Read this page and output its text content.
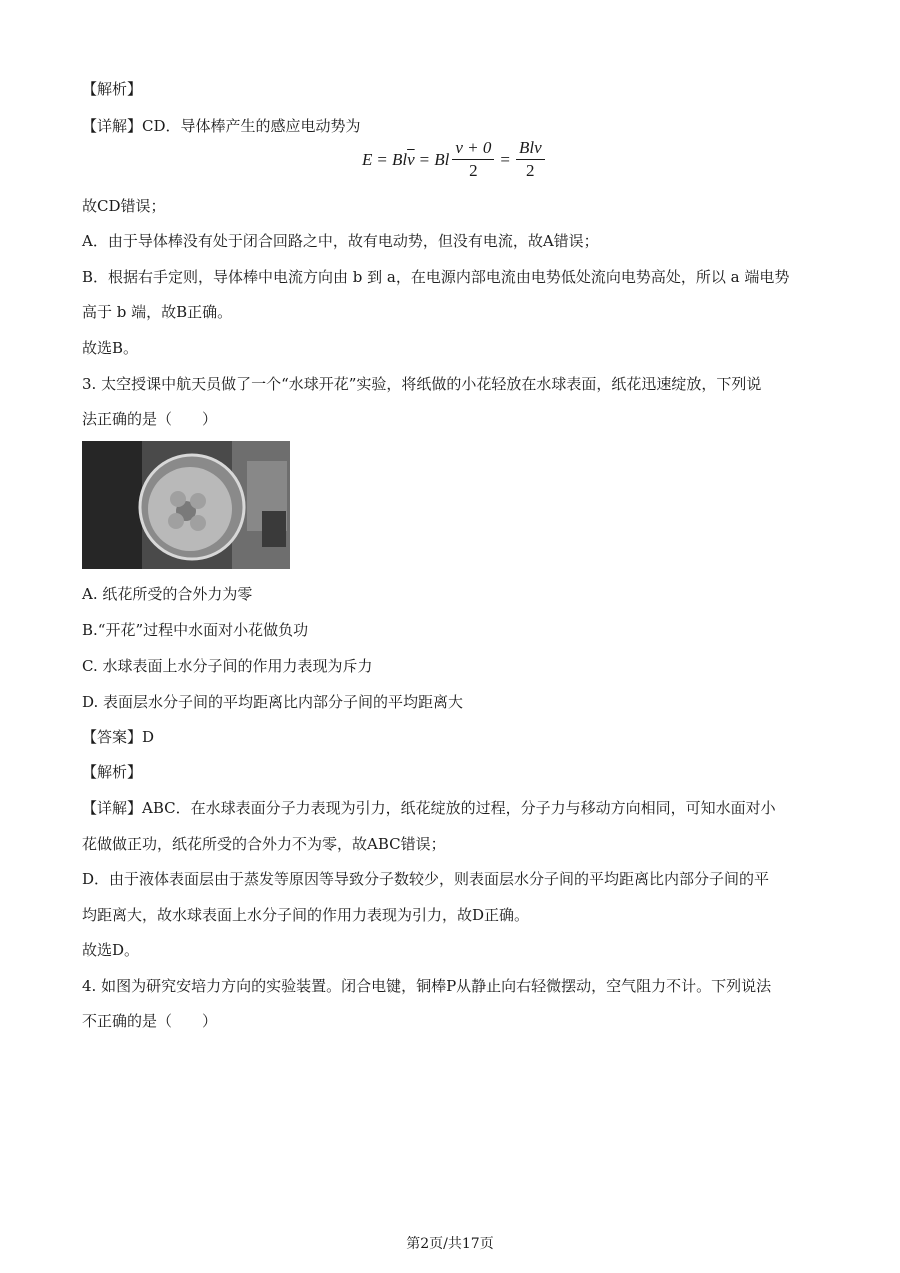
【解析】
【详解】CD．导体棒产生的感应电动势为
E = Bl $\overline{v} = Bl \frac{v + 0}{2} = \frac{\text{Blv}}{2}$
故CD错误；
A．由于导体棒没有处于闭合回路之中，故有电动势，但没有电流，故A错误；
B．根据右手定则，导体棒中电流方向由 b 到 a，在电源内部电流由电势低处流向电势高处，所以 a 端电势
高于 b 端，故B正确。
故选B。
3. 太空授课中航天员做了一个“水球开花”实验，将纸做的小花轻放在水球表面，纸花迅速绽放，下列说
法正确的是（　　）
A. 纸花所受的合外力为零
B.“开花”过程中水面对小花做负功
C. 水球表面上水分子间的作用力表现为斥力
D. 表面层水分子间的平均距离比内部分子间的平均距离大
【答案】D
【解析】
【详解】ABC．在水球表面分子力表现为引力，纸花绽放的过程，分子力与移动方向相同，可知水面对小
花做做正功，纸花所受的合外力不为零，故ABC错误；
D．由于液体表面层由于蒸发等原因等导致分子数较少，则表面层水分子间的平均距离比内部分子间的平
均距离大，故水球表面上水分子间的作用力表现为引力，故D正确。
故选D。
4. 如图为研究安培力方向的实验装置。闭合电键，铜棒P从静止向右轻微摆动，空气阻力不计。下列说法
不正确的是（　　）
第2页/共17页
